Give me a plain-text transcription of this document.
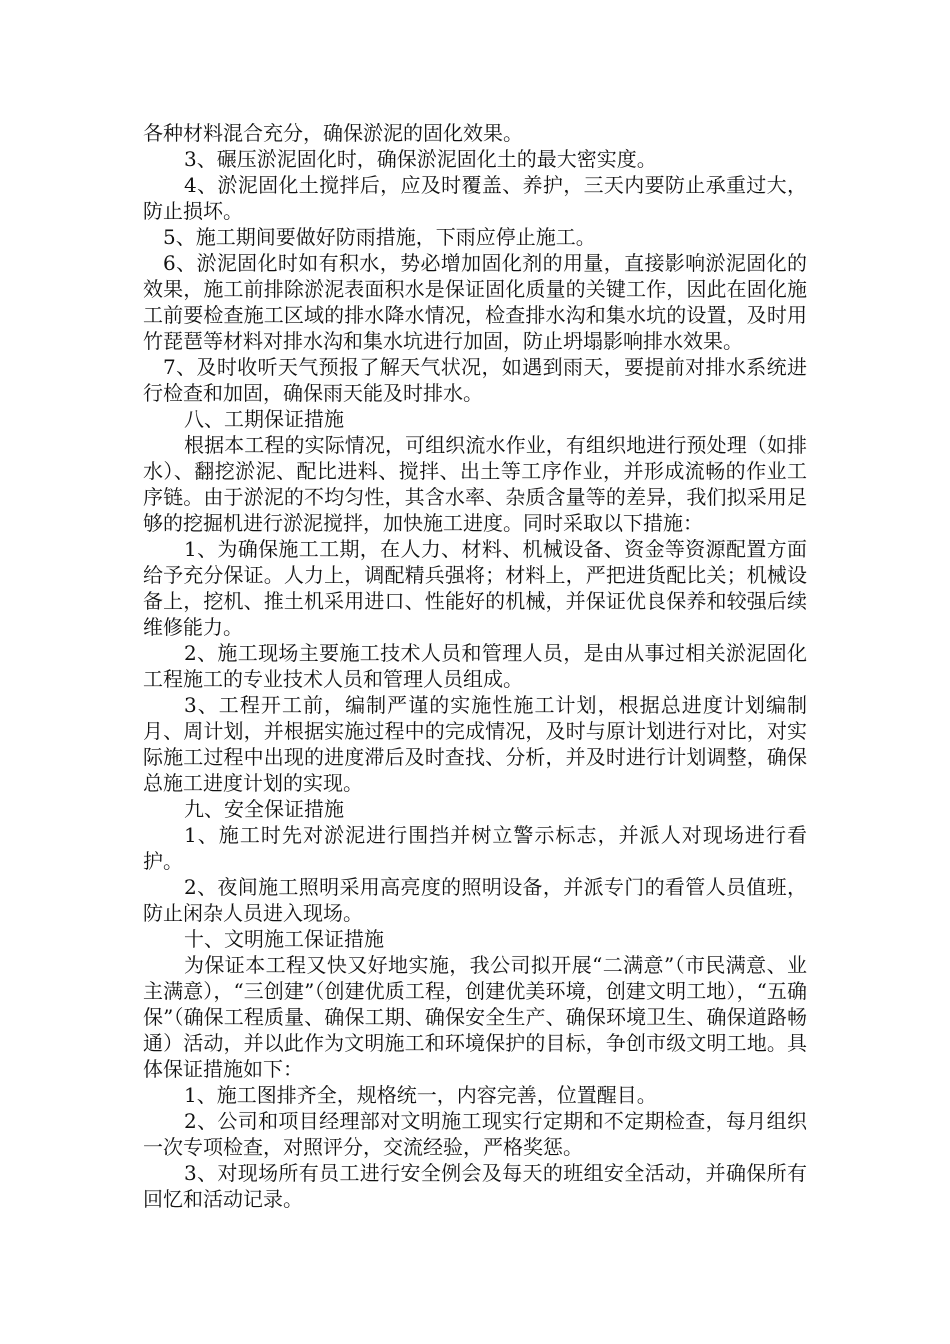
各种材料混合充分，确保淤泥的固化效果。

3、碾压淤泥固化时，确保淤泥固化土的最大密实度。

4、淤泥固化土搅拌后，应及时覆盖、养护，三天内要防止承重过大，防止损坏。

5、施工期间要做好防雨措施，下雨应停止施工。

6、淤泥固化时如有积水，势必增加固化剂的用量，直接影响淤泥固化的效果，施工前排除淤泥表面积水是保证固化质量的关键工作，因此在固化施工前要检查施工区域的排水降水情况，检查排水沟和集水坑的设置，及时用竹琵琶等材料对排水沟和集水坑进行加固，防止坍塌影响排水效果。

7、及时收听天气预报了解天气状况，如遇到雨天，要提前对排水系统进行检查和加固，确保雨天能及时排水。

八、工期保证措施

根据本工程的实际情况，可组织流水作业，有组织地进行预处理（如排水）、翻挖淤泥、配比进料、搅拌、出土等工序作业，并形成流畅的作业工序链。由于淤泥的不均匀性，其含水率、杂质含量等的差异，我们拟采用足够的挖掘机进行淤泥搅拌，加快施工进度。同时采取以下措施：

1、为确保施工工期，在人力、材料、机械设备、资金等资源配置方面给予充分保证。人力上，调配精兵强将；材料上，严把进货配比关；机械设备上，挖机、推土机采用进口、性能好的机械，并保证优良保养和较强后续维修能力。

2、施工现场主要施工技术人员和管理人员，是由从事过相关淤泥固化工程施工的专业技术人员和管理人员组成。

3、工程开工前，编制严谨的实施性施工计划，根据总进度计划编制月、周计划，并根据实施过程中的完成情况，及时与原计划进行对比，对实际施工过程中出现的进度滞后及时查找、分析，并及时进行计划调整，确保总施工进度计划的实现。

九、安全保证措施

1、施工时先对淤泥进行围挡并树立警示标志，并派人对现场进行看护。

2、夜间施工照明采用高亮度的照明设备，并派专门的看管人员值班，防止闲杂人员进入现场。

十、文明施工保证措施

为保证本工程又快又好地实施，我公司拟开展“二满意”（市民满意、业主满意），“三创建”（创建优质工程，创建优美环境，创建文明工地），“五确保”（确保工程质量、确保工期、确保安全生产、确保环境卫生、确保道路畅通）活动，并以此作为文明施工和环境保护的目标，争创市级文明工地。具体保证措施如下：

1、施工图排齐全，规格统一，内容完善，位置醒目。

2、公司和项目经理部对文明施工现实行定期和不定期检查，每月组织一次专项检查，对照评分，交流经验，严格奖惩。

3、对现场所有员工进行安全例会及每天的班组安全活动，并确保所有回忆和活动记录。
